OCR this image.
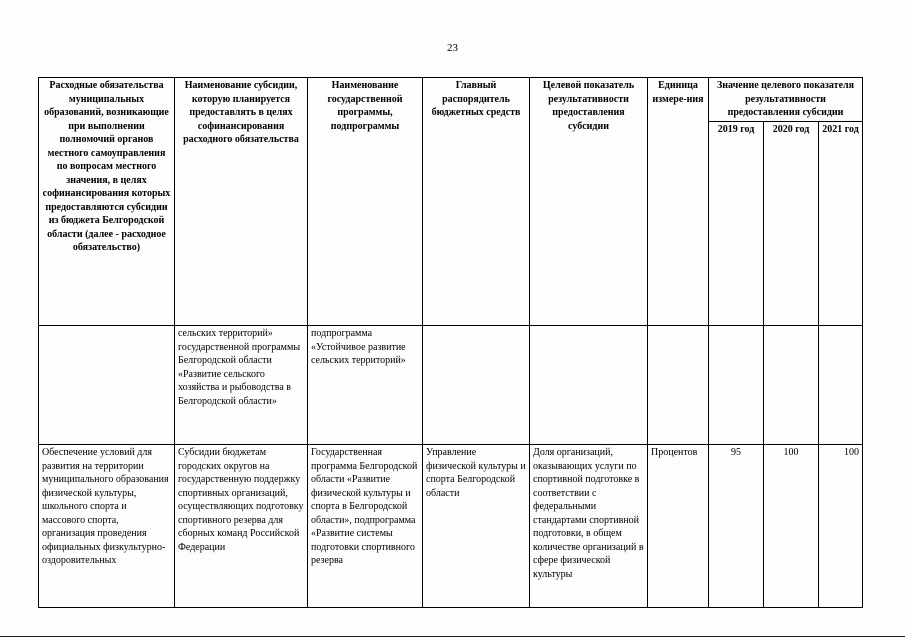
23
Расходные обязательства муниципальных образований, возникающие при выполнении полномочий органов местного самоуправления по вопросам местного значения, в целях софинансирования которых предоставляются субсидии из бюджета Белгородской области (далее - расходное обязательство)	Наименование субсидии, которую планируется предоставлять в целях софинансирования расходного обязательства	Наименование государственной программы, подпрограммы	Главный распорядитель бюджетных средств	Целевой показатель результативности предоставления субсидии	Единица измере-ния	Значение целевого показателя результативности предоставления субсидии		
						2019 год	2020 год	2021 год
	сельских территорий» государственной программы Белгородской области «Развитие сельского хозяйства и рыбоводства в Белгородской области»	подпрограмма «Устойчивое развитие сельских территорий»						
Обеспечение условий для развития на территории муниципального образования физической культуры, школьного спорта и массового спорта, организация проведения официальных физкультурно-оздоровительных	Субсидии бюджетам городских округов на государственную поддержку спортивных организаций, осуществляющих подготовку спортивного резерва для сборных команд Российской Федерации	Государственная программа Белгородской области «Развитие физической культуры и спорта в Белгородской области», подпрограмма «Развитие системы подготовки спортивного резерва	Управление физической культуры и спорта Белгородской области	Доля организаций, оказывающих услуги по спортивной подготовке в соответствии с федеральными стандартами спортивной подготовки, в общем количестве организаций в сфере физической культуры	Процентов	95	100	100
